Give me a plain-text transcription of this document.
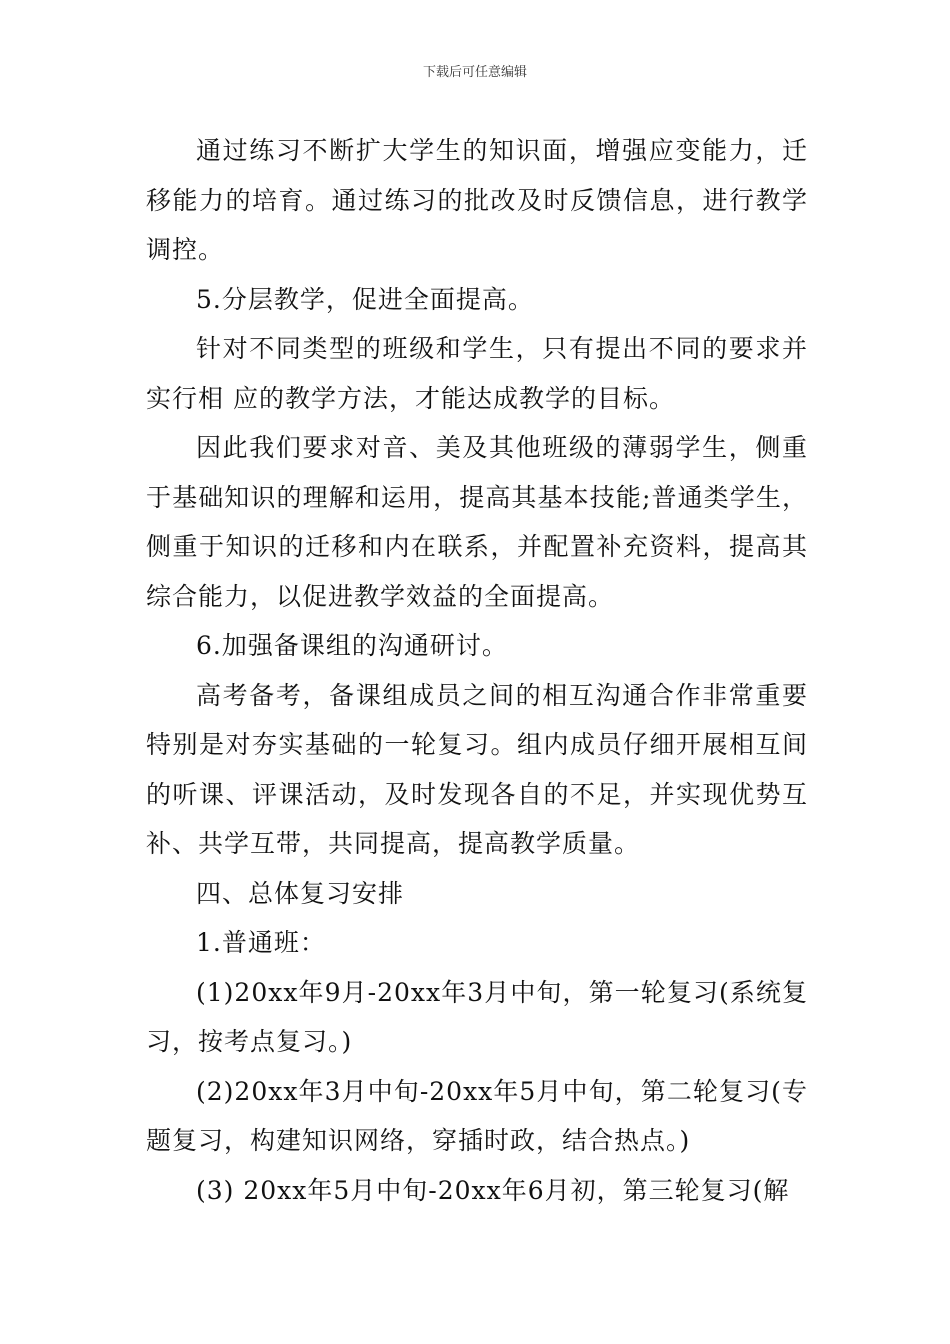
下载后可任意编辑

通过练习不断扩大学生的知识面，增强应变能力，迁移能力的培育。通过练习的批改及时反馈信息，进行教学调控。

5.分层教学，促进全面提高。

针对不同类型的班级和学生，只有提出不同的要求并实行相 应的教学方法，才能达成教学的目标。

因此我们要求对音、美及其他班级的薄弱学生，侧重于基础知识的理解和运用，提高其基本技能;普通类学生，侧重于知识的迁移和内在联系，并配置补充资料，提高其综合能力，以促进教学效益的全面提高。

6.加强备课组的沟通研讨。

高考备考，备课组成员之间的相互沟通合作非常重要特别是对夯实基础的一轮复习。组内成员仔细开展相互间的听课、评课活动，及时发现各自的不足，并实现优势互补、共学互带，共同提高，提高教学质量。

四、总体复习安排

1.普通班：

(1)20xx年9月-20xx年3月中旬，第一轮复习(系统复习，按考点复习。)

(2)20xx年3月中旬-20xx年5月中旬，第二轮复习(专题复习，构建知识网络，穿插时政，结合热点。)

(3) 20xx年5月中旬-20xx年6月初，第三轮复习(解
